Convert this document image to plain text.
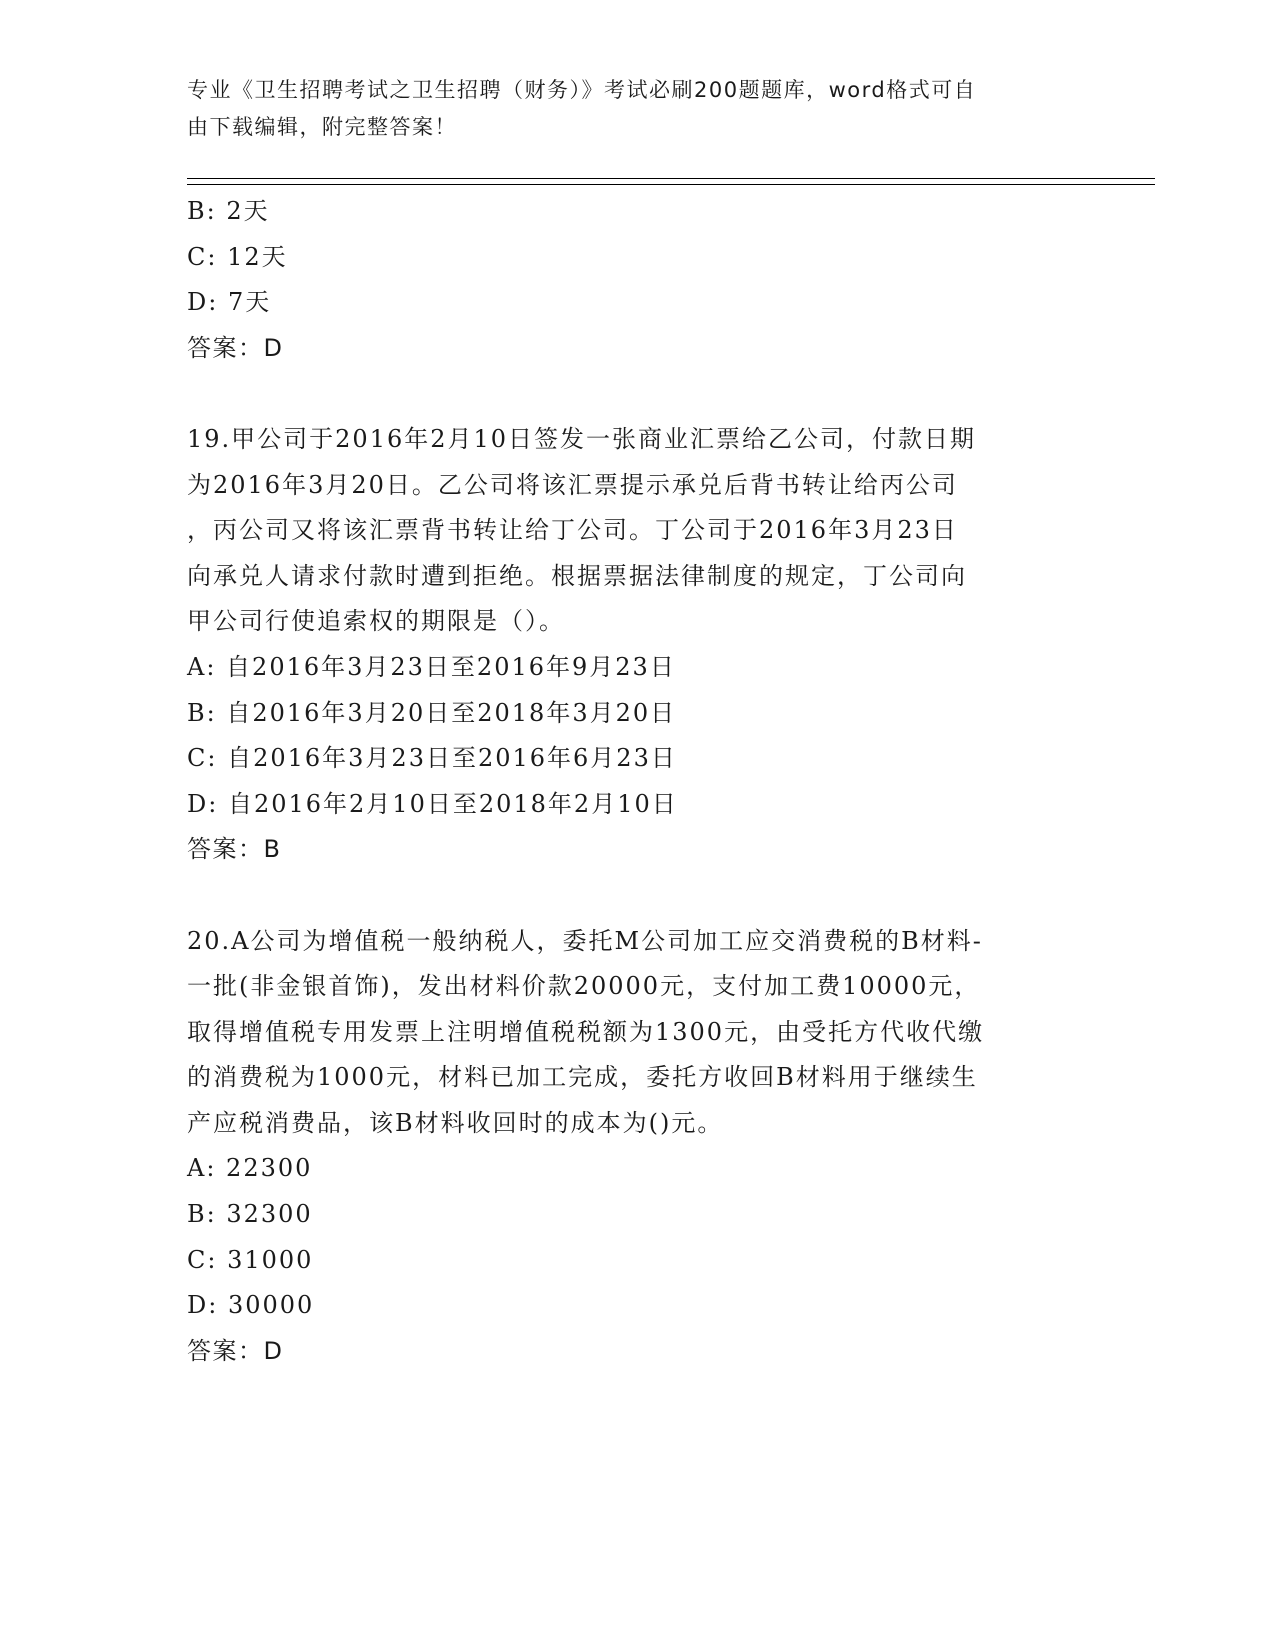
专业《卫生招聘考试之卫生招聘（财务）》考试必刷200题题库，word格式可自
由下载编辑，附完整答案！
B: 2天
C: 12天
D: 7天
答案：D
19.甲公司于2016年2月10日签发一张商业汇票给乙公司，付款日期
为2016年3月20日。乙公司将该汇票提示承兑后背书转让给丙公司
，丙公司又将该汇票背书转让给丁公司。丁公司于2016年3月23日
向承兑人请求付款时遭到拒绝。根据票据法律制度的规定，丁公司向
甲公司行使追索权的期限是（）。
A: 自2016年3月23日至2016年9月23日
B: 自2016年3月20日至2018年3月20日
C: 自2016年3月23日至2016年6月23日
D: 自2016年2月10日至2018年2月10日
答案：B
20.A公司为增值税一般纳税人，委托M公司加工应交消费税的B材料-
一批(非金银首饰)，发出材料价款20000元，支付加工费10000元，
取得增值税专用发票上注明增值税税额为1300元，由受托方代收代缴
的消费税为1000元，材料已加工完成，委托方收回B材料用于继续生
产应税消费品，该B材料收回时的成本为()元。
A: 22300
B: 32300
C: 31000
D: 30000
答案：D
